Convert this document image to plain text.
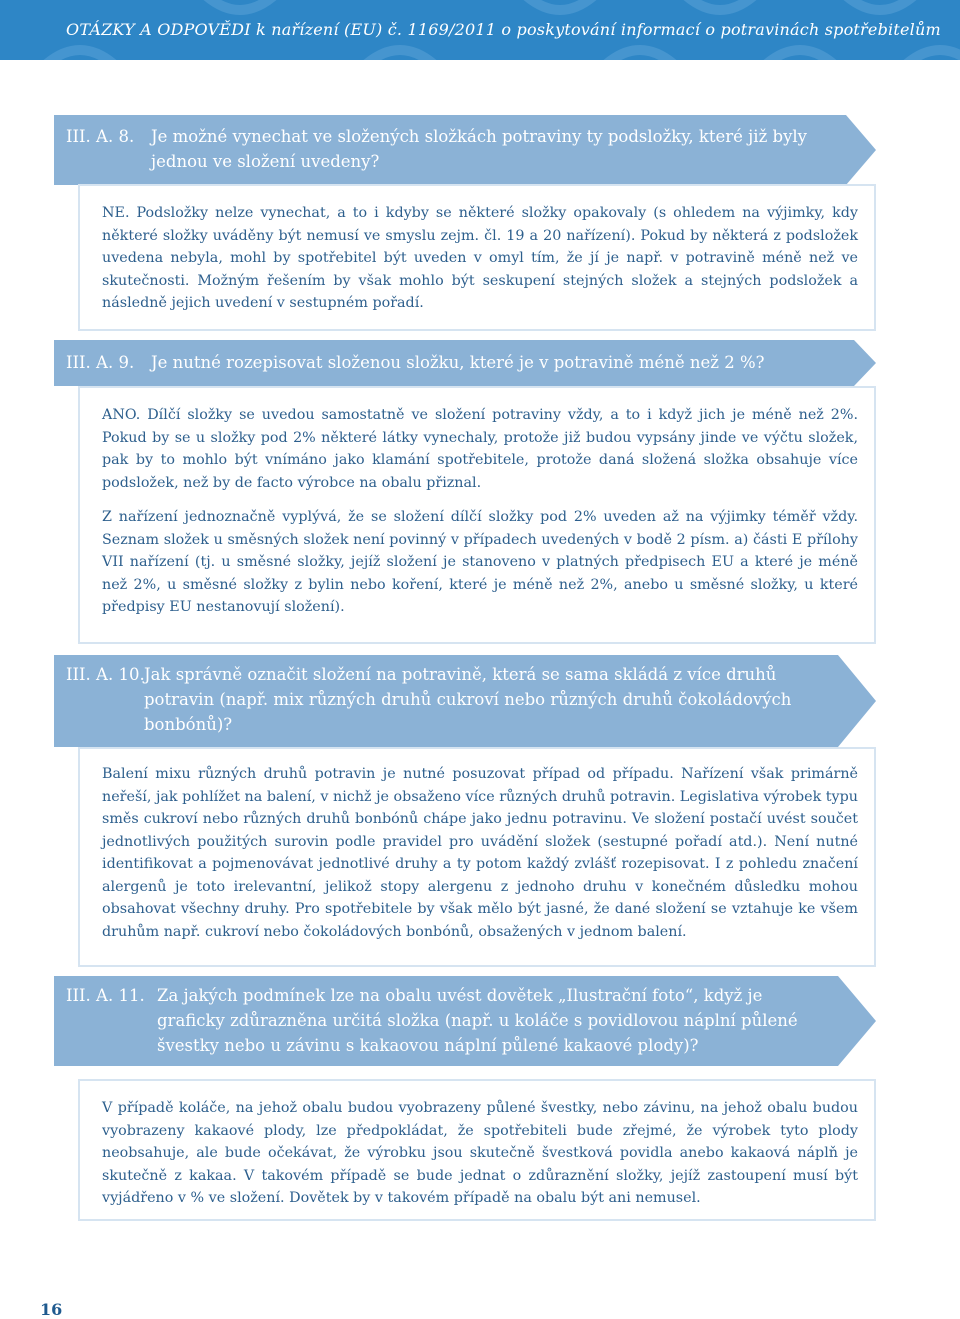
OTÁZKY A ODPOVĚDI k nařízení (EU) č. 1169/2011 o poskytování informací o potravinách spotřebitelům
III. A. 8. Je možné vynechat ve složených složkách potraviny ty podsložky, které již byly jednou ve složení uvedeny?

NE. Podsložky nelze vynechat, a to i kdyby se některé složky opakovaly (s ohledem na výjimky, kdy některé složky uváděny být nemusí ve smyslu zejm. čl. 19 a 20 nařízení). Pokud by některá z podsložek uvedena nebyla, mohl by spotřebitel být uveden v omyl tím, že jí je např. v potravině méně než ve skutečnosti. Možným řešením by však mohlo být seskupení stejných složek a stejných podsložek a následně jejich uvedení v sestupném pořadí.

III. A. 9. Je nutné rozepisovat složenou složku, které je v potravině méně než 2 %?

ANO. Dílčí složky se uvedou samostatně ve složení potraviny vždy, a to i když jich je méně než 2%. Pokud by se u složky pod 2% některé látky vynechaly, protože již budou vypsány jinde ve výčtu složek, pak by to mohlo být vnímáno jako klamání spotřebitele, protože daná složená složka obsahuje více podsložek, než by de facto výrobce na obalu přiznal.

Z nařízení jednoznačně vyplývá, že se složení dílčí složky pod 2% uveden až na výjimky téměř vždy. Seznam složek u směsných složek není povinný v případech uvedených v bodě 2 písm. a) části E přílohy VII nařízení (tj. u směsné složky, jejíž složení je stanoveno v platných předpisech EU a které je méně než 2%, u směsné složky z bylin nebo koření, které je méně než 2%, anebo u směsné složky, u které předpisy EU nestanovují složení).

III. A. 10. Jak správně označit složení na potravině, která se sama skládá z více druhů potravin (např. mix různých druhů cukroví nebo různých druhů čokoládových bonbónů)?

Balení mixu různých druhů potravin je nutné posuzovat případ od případu. Nařízení však primárně neřeší, jak pohlížet na balení, v nichž je obsaženo více různých druhů potravin. Legislativa výrobek typu směs cukroví nebo různých druhů bonbónů chápe jako jednu potravinu. Ve složení postačí uvést součet jednotlivých použitých surovin podle pravidel pro uvádění složek (sestupné pořadí atd.). Není nutné identifikovat a pojmenovávat jednotlivé druhy a ty potom každý zvlášť rozepisovat. I z pohledu značení alergenů je toto irelevantní, jelikož stopy alergenu z jednoho druhu v konečném důsledku mohou obsahovat všechny druhy. Pro spotřebitele by však mělo být jasné, že dané složení se vztahuje ke všem druhům např. cukroví nebo čokoládových bonbónů, obsažených v jednom balení.

III. A. 11. Za jakých podmínek lze na obalu uvést dovětek „Ilustrační foto“, když je graficky zdůrazněna určitá složka (např. u koláče s povidlovou náplní půlené švestky nebo u závinu s kakaovou náplní půlené kakaové plody)?

V případě koláče, na jehož obalu budou vyobrazeny půlené švestky, nebo závinu, na jehož obalu budou vyobrazeny kakaové plody, lze předpokládat, že spotřebiteli bude zřejmé, že výrobek tyto plody neobsahuje, ale bude očekávat, že výrobku jsou skutečně švestková povidla anebo kakaová náplň je skutečně z kakaa. V takovém případě se bude jednat o zdůraznění složky, jejíž zastoupení musí být vyjádřeno v % ve složení. Dovětek by v takovém případě na obalu být ani nemusel.

16
